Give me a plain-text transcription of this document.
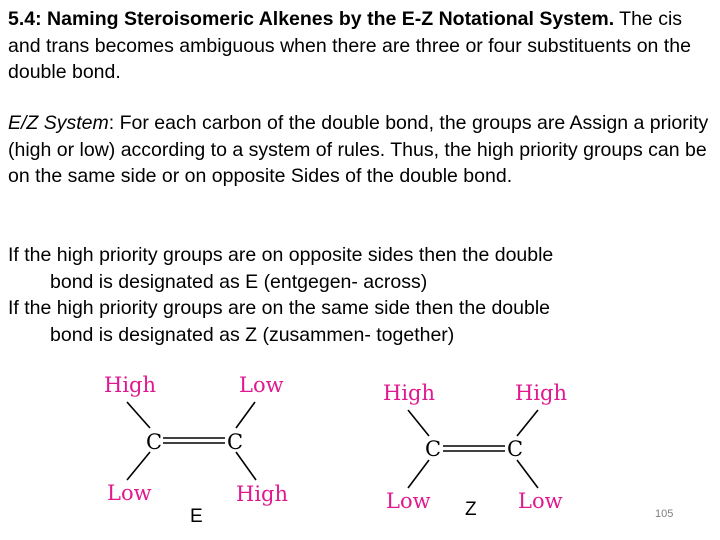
5.4: Naming Steroisomeric Alkenes by the E-Z Notational System. The cis and trans becomes ambiguous when there are three or four substituents on the double bond.
E/Z System: For each carbon of the double bond, the groups are Assign a priority (high or low) according to a system of rules. Thus, the high priority groups can be on the same side or on opposite Sides of the double bond.
If the high priority groups are on opposite sides then the double
bond is designated as E (entgegen- across)
If the high priority groups are on the same side then the double
bond is designated as Z (zusammen- together)
High	Low
Low	High
C	C
High	High
Low	Low
C	C
E	Z	105
